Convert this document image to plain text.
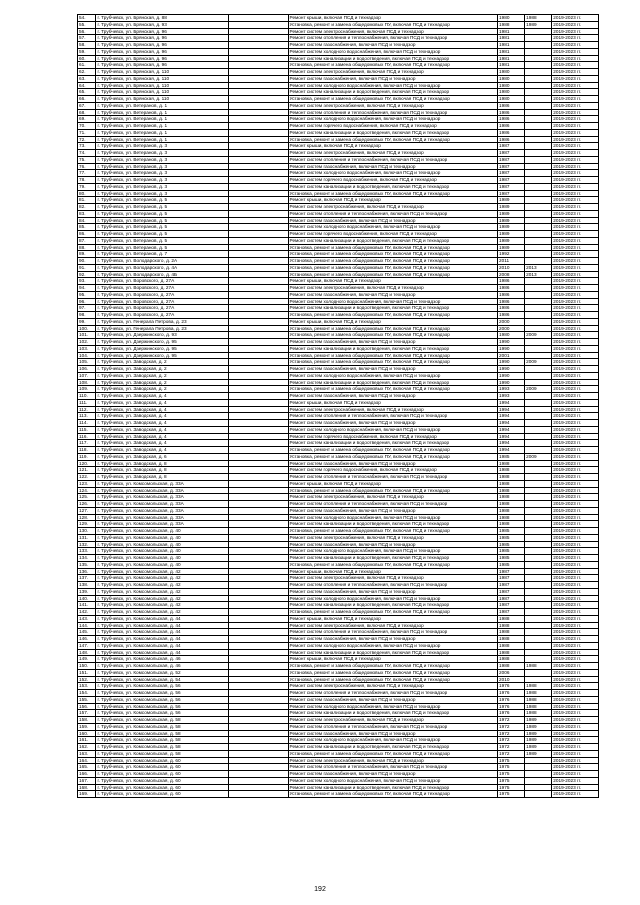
54.	г. Трубчевск, ул. Брянская, д. 88		Ремонт крыши, включая ПСД и технадзор	1980	1988	2019-2023 гг.
55.	г. Трубчевск, ул. Брянская, д. 93		Установка, ремонт и замена общедомовых ПУ, включая ПСД и технадзор	1988	1989	2019-2023 гг.
56.	г. Трубчевск, ул. Брянская, д. 96		Ремонт систем электроснабжения, включая ПСД и технадзор	1981		2019-2023 гг.
57.	г. Трубчевск, ул. Брянская, д. 96		Ремонт систем отопления и теплоснабжения, включая ПСД и технадзор	1981		2019-2023 гг.
58.	г. Трубчевск, ул. Брянская, д. 96		Ремонт систем газоснабжения, включая ПСД и технадзор	1981		2019-2023 гг.
59.	г. Трубчевск, ул. Брянская, д. 96		Ремонт систем холодного водоснабжения, включая ПСД и технадзор	1981		2019-2023 гг.
60.	г. Трубчевск, ул. Брянская, д. 96		Ремонт систем канализации и водоотведения, включая ПСД и технадзор	1981		2019-2023 гг.
61.	г. Трубчевск, ул. Брянская, д. 96		Установка, ремонт и замена общедомовых ПУ, включая ПСД и технадзор	1981		2019-2023 гг.
62.	г. Трубчевск, ул. Брянская, д. 110		Ремонт систем электроснабжения, включая ПСД и технадзор	1980		2019-2023 гг.
63.	г. Трубчевск, ул. Брянская, д. 110		Ремонт систем газоснабжения, включая ПСД и технадзор	1980		2019-2023 гг.
64.	г. Трубчевск, ул. Брянская, д. 110		Ремонт систем холодного водоснабжения, включая ПСД и технадзор	1980		2019-2023 гг.
65.	г. Трубчевск, ул. Брянская, д. 110		Ремонт систем канализации и водоотведения, включая ПСД и технадзор	1980		2019-2023 гг.
66.	г. Трубчевск, ул. Брянская, д. 110		Установка, ремонт и замена общедомовых ПУ, включая ПСД и технадзор	1980		2019-2023 гг.
67.	г. Трубчевск, ул. Ветеранов, д. 1		Ремонт систем электроснабжения, включая ПСД и технадзор	1986		2019-2023 гг.
68.	г. Трубчевск, ул. Ветеранов, д. 1		Ремонт систем отопления и теплоснабжения, включая ПСД и технадзор	1986		2019-2023 гг.
69.	г. Трубчевск, ул. Ветеранов, д. 1		Ремонт систем холодного водоснабжения, включая ПСД и технадзор	1986		2019-2023 гг.
70.	г. Трубчевск, ул. Ветеранов, д. 1		Ремонт систем горячего водоснабжения, включая ПСД и технадзор	1986		2019-2023 гг.
71.	г. Трубчевск, ул. Ветеранов, д. 1		Ремонт систем канализации и водоотведения, включая ПСД и технадзор	1986		2019-2023 гг.
72.	г. Трубчевск, ул. Ветеранов, д. 1		Установка, ремонт и замена общедомовых ПУ, включая ПСД и технадзор	1986		2019-2023 гг.
73.	г. Трубчевск, ул. Ветеранов, д. 3		Ремонт крыши, включая ПСД и технадзор	1987		2019-2023 гг.
74.	г. Трубчевск, ул. Ветеранов, д. 3		Ремонт систем электроснабжения, включая ПСД и технадзор	1987		2019-2023 гг.
75.	г. Трубчевск, ул. Ветеранов, д. 3		Ремонт систем отопления и теплоснабжения, включая ПСД и технадзор	1987		2019-2023 гг.
76.	г. Трубчевск, ул. Ветеранов, д. 3		Ремонт систем газоснабжения, включая ПСД и технадзор	1987		2019-2023 гг.
77.	г. Трубчевск, ул. Ветеранов, д. 3		Ремонт систем холодного водоснабжения, включая ПСД и технадзор	1987		2019-2023 гг.
78.	г. Трубчевск, ул. Ветеранов, д. 3		Ремонт систем горячего водоснабжения, включая ПСД и технадзор	1987		2019-2023 гг.
79.	г. Трубчевск, ул. Ветеранов, д. 3		Ремонт систем канализации и водоотведения, включая ПСД и технадзор	1987		2019-2023 гг.
80.	г. Трубчевск, ул. Ветеранов, д. 3		Установка, ремонт и замена общедомовых ПУ, включая ПСД и технадзор	1987		2019-2023 гг.
81.	г. Трубчевск, ул. Ветеранов, д. 5		Ремонт крыши, включая ПСД и технадзор	1989		2019-2023 гг.
82.	г. Трубчевск, ул. Ветеранов, д. 5		Ремонт систем электроснабжения, включая ПСД и технадзор	1989		2019-2023 гг.
83.	г. Трубчевск, ул. Ветеранов, д. 5		Ремонт систем отопления и теплоснабжения, включая ПСД и технадзор	1989		2019-2023 гг.
84.	г. Трубчевск, ул. Ветеранов, д. 5		Ремонт систем газоснабжения, включая ПСД и технадзор	1989		2019-2023 гг.
85.	г. Трубчевск, ул. Ветеранов, д. 5		Ремонт систем холодного водоснабжения, включая ПСД и технадзор	1989		2019-2023 гг.
86.	г. Трубчевск, ул. Ветеранов, д. 5		Ремонт систем горячего водоснабжения, включая ПСД и технадзор	1989		2019-2023 гг.
87.	г. Трубчевск, ул. Ветеранов, д. 5		Ремонт систем канализации и водоотведения, включая ПСД и технадзор	1989		2019-2023 гг.
88.	г. Трубчевск, ул. Ветеранов, д. 5		Установка, ремонт и замена общедомовых ПУ, включая ПСД и технадзор	1989		2019-2023 гг.
89.	г. Трубчевск, ул. Ветеранов, д. 7		Установка, ремонт и замена общедомовых ПУ, включая ПСД и технадзор	1992		2019-2023 гг.
90.	г. Трубчевск, ул. Володарского, д. 2А		Установка, ремонт и замена общедомовых ПУ, включая ПСД и технадзор	2011		2019-2023 гг.
91.	г. Трубчевск, ул. Володарского, д. 4А		Установка, ремонт и замена общедомовых ПУ, включая ПСД и технадзор	2010	2013	2019-2023 гг.
92.	г. Трубчевск, ул. Володарского, д. 4Б		Установка, ремонт и замена общедомовых ПУ, включая ПСД и технадзор	2008	2013	2019-2023 гг.
93.	г. Трубчевск, ул. Воровского, д. 27А		Ремонт крыши, включая ПСД и технадзор	1986		2019-2023 гг.
94.	г. Трубчевск, ул. Воровского, д. 27А		Ремонт систем электроснабжения, включая ПСД и технадзор	1986		2019-2023 гг.
95.	г. Трубчевск, ул. Воровского, д. 27А		Ремонт систем газоснабжения, включая ПСД и технадзор	1986		2019-2023 гг.
96.	г. Трубчевск, ул. Воровского, д. 27А		Ремонт систем холодного водоснабжения, включая ПСД и технадзор	1986		2019-2023 гг.
97.	г. Трубчевск, ул. Воровского, д. 27А		Ремонт систем канализации и водоотведения, включая ПСД и технадзор	1986		2019-2023 гг.
98.	г. Трубчевск, ул. Воровского, д. 27А		Установка, ремонт и замена общедомовых ПУ, включая ПСД и технадзор	1986		2019-2023 гг.
99.	г. Трубчевск, ул. Генерала Петрова, д. 23		Ремонт крыши, включая ПСД и технадзор	2000		2019-2023 гг.
100.	г. Трубчевск, ул. Генерала Петрова, д. 23		Установка, ремонт и замена общедомовых ПУ, включая ПСД и технадзор	2000		2019-2023 гг.
101.	г. Трубчевск, ул. Дзержинского, д. 93		Установка, ремонт и замена общедомовых ПУ, включая ПСД и технадзор	1980	2009	2019-2023 гг.
102.	г. Трубчевск, ул. Дзержинского, д. 95		Ремонт систем газоснабжения, включая ПСД и технадзор	1990		2019-2023 гг.
103.	г. Трубчевск, ул. Дзержинского, д. 95		Ремонт систем канализации и водоотведения, включая ПСД и технадзор	1990		2019-2023 гг.
104.	г. Трубчевск, ул. Дзержинского, д. 95		Установка, ремонт и замена общедомовых ПУ, включая ПСД и технадзор	2001		2019-2023 гг.
105.	г. Трубчевск, ул. Заводская, д. 2		Установка, ремонт и замена общедомовых ПУ, включая ПСД и технадзор	1990	2009	2019-2023 гг.
106.	г. Трубчевск, ул. Заводская, д. 2		Ремонт систем газоснабжения, включая ПСД и технадзор	1990		2019-2023 гг.
107.	г. Трубчевск, ул. Заводская, д. 2		Ремонт систем холодного водоснабжения, включая ПСД и технадзор	1990		2019-2023 гг.
108.	г. Трубчевск, ул. Заводская, д. 2		Ремонт систем канализации и водоотведения, включая ПСД и технадзор	1990		2019-2023 гг.
109.	г. Трубчевск, ул. Заводская, д. 2		Установка, ремонт и замена общедомовых ПУ, включая ПСД и технадзор	1993	2009	2019-2023 гг.
110.	г. Трубчевск, ул. Заводская, д. 4		Ремонт систем газоснабжения, включая ПСД и технадзор	1993		2019-2023 гг.
111.	г. Трубчевск, ул. Заводская, д. 4		Ремонт крыши, включая ПСД и технадзор	1994		2019-2023 гг.
112.	г. Трубчевск, ул. Заводская, д. 4		Ремонт систем электроснабжения, включая ПСД и технадзор	1994		2019-2023 гг.
113.	г. Трубчевск, ул. Заводская, д. 4		Ремонт систем отопления и теплоснабжения, включая ПСД и технадзор	1994		2019-2023 гг.
114.	г. Трубчевск, ул. Заводская, д. 4		Ремонт систем газоснабжения, включая ПСД и технадзор	1994		2019-2023 гг.
115.	г. Трубчевск, ул. Заводская, д. 4		Ремонт систем холодного водоснабжения, включая ПСД и технадзор	1994		2019-2023 гг.
116.	г. Трубчевск, ул. Заводская, д. 4		Ремонт систем горячего водоснабжения, включая ПСД и технадзор	1994		2019-2023 гг.
117.	г. Трубчевск, ул. Заводская, д. 4		Ремонт систем канализации и водоотведения, включая ПСД и технадзор	1994		2019-2023 гг.
118.	г. Трубчевск, ул. Заводская, д. 4		Установка, ремонт и замена общедомовых ПУ, включая ПСД и технадзор	1994		2019-2023 гг.
119.	г. Трубчевск, ул. Заводская, д. 6		Установка, ремонт и замена общедомовых ПУ, включая ПСД и технадзор	1985	2009	2019-2023 гг.
120.	г. Трубчевск, ул. Заводская, д. 8		Ремонт систем газоснабжения, включая ПСД и технадзор	1988		2019-2023 гг.
121.	г. Трубчевск, ул. Заводская, д. 8		Ремонт систем горячего водоснабжения, включая ПСД и технадзор	1988		2019-2023 гг.
122.	г. Трубчевск, ул. Заводская, д. 8		Ремонт систем отопления и теплоснабжения, включая ПСД и технадзор	1988		2019-2023 гг.
123.	г. Трубчевск, ул. Комсомольская, д. 33А		Ремонт крыши, включая ПСД и технадзор	1988		2019-2023 гг.
124.	г. Трубчевск, ул. Комсомольская, д. 33А		Установка, ремонт и замена общедомовых ПУ, включая ПСД и технадзор	1988		2019-2023 гг.
125.	г. Трубчевск, ул. Комсомольская, д. 33А		Ремонт систем электроснабжения, включая ПСД и технадзор	1988		2019-2023 гг.
126.	г. Трубчевск, ул. Комсомольская, д. 33А		Ремонт систем отопления и теплоснабжения, включая ПСД и технадзор	1988		2019-2023 гг.
127.	г. Трубчевск, ул. Комсомольская, д. 33А		Ремонт систем газоснабжения, включая ПСД и технадзор	1988		2019-2023 гг.
128.	г. Трубчевск, ул. Комсомольская, д. 33А		Ремонт систем холодного водоснабжения, включая ПСД и технадзор	1988		2019-2023 гг.
129.	г. Трубчевск, ул. Комсомольская, д. 33А		Ремонт систем канализации и водоотведения, включая ПСД и технадзор	1988		2019-2023 гг.
130.	г. Трубчевск, ул. Комсомольская, д. 40		Установка, ремонт и замена общедомовых ПУ, включая ПСД и технадзор	1985		2019-2023 гг.
131.	г. Трубчевск, ул. Комсомольская, д. 40		Ремонт систем электроснабжения, включая ПСД и технадзор	1985		2019-2023 гг.
132.	г. Трубчевск, ул. Комсомольская, д. 40		Ремонт систем газоснабжения, включая ПСД и технадзор	1985		2019-2023 гг.
133.	г. Трубчевск, ул. Комсомольская, д. 40		Ремонт систем холодного водоснабжения, включая ПСД и технадзор	1985		2019-2023 гг.
134.	г. Трубчевск, ул. Комсомольская, д. 40		Ремонт систем канализации и водоотведения, включая ПСД и технадзор	1985		2019-2023 гг.
135.	г. Трубчевск, ул. Комсомольская, д. 40		Установка, ремонт и замена общедомовых ПУ, включая ПСД и технадзор	1985		2019-2023 гг.
136.	г. Трубчевск, ул. Комсомольская, д. 42		Ремонт крыши, включая ПСД и технадзор	1987		2019-2023 гг.
137.	г. Трубчевск, ул. Комсомольская, д. 42		Ремонт систем электроснабжения, включая ПСД и технадзор	1987		2019-2023 гг.
138.	г. Трубчевск, ул. Комсомольская, д. 42		Ремонт систем отопления и теплоснабжения, включая ПСД и технадзор	1987		2019-2023 гг.
139.	г. Трубчевск, ул. Комсомольская, д. 42		Ремонт систем газоснабжения, включая ПСД и технадзор	1987		2019-2023 гг.
140.	г. Трубчевск, ул. Комсомольская, д. 42		Ремонт систем холодного водоснабжения, включая ПСД и технадзор	1987		2019-2023 гг.
141.	г. Трубчевск, ул. Комсомольская, д. 42		Ремонт систем канализации и водоотведения, включая ПСД и технадзор	1987		2019-2023 гг.
142.	г. Трубчевск, ул. Комсомольская, д. 42		Установка, ремонт и замена общедомовых ПУ, включая ПСД и технадзор	1987		2019-2023 гг.
143.	г. Трубчевск, ул. Комсомольская, д. 44		Ремонт крыши, включая ПСД и технадзор	1988		2019-2023 гг.
144.	г. Трубчевск, ул. Комсомольская, д. 44		Ремонт систем электроснабжения, включая ПСД и технадзор	1988		2019-2023 гг.
145.	г. Трубчевск, ул. Комсомольская, д. 44		Ремонт систем отопления и теплоснабжения, включая ПСД и технадзор	1988		2019-2023 гг.
146.	г. Трубчевск, ул. Комсомольская, д. 44		Ремонт систем газоснабжения, включая ПСД и технадзор	1988		2019-2023 гг.
147.	г. Трубчевск, ул. Комсомольская, д. 44		Ремонт систем холодного водоснабжения, включая ПСД и технадзор	1988		2019-2023 гг.
148.	г. Трубчевск, ул. Комсомольская, д. 44		Ремонт систем канализации и водоотведения, включая ПСД и технадзор	1988		2019-2023 гг.
149.	г. Трубчевск, ул. Комсомольская, д. 46		Ремонт крыши, включая ПСД и технадзор	1988		2019-2023 гг.
150.	г. Трубчевск, ул. Комсомольская, д. 46		Установка, ремонт и замена общедомовых ПУ, включая ПСД и технадзор	1988	1988	2019-2023 гг.
151.	г. Трубчевск, ул. Комсомольская, д. 52		Установка, ремонт и замена общедомовых ПУ, включая ПСД и технадзор	2006		2019-2023 гг.
152.	г. Трубчевск, ул. Комсомольская, д. 54		Установка, ремонт и замена общедомовых ПУ, включая ПСД и технадзор	2010		2019-2023 гг.
153.	г. Трубчевск, ул. Комсомольская, д. 56		Ремонт систем электроснабжения, включая ПСД и технадзор	1976	1988	2019-2023 гг.
154.	г. Трубчевск, ул. Комсомольская, д. 56		Ремонт систем отопления и теплоснабжения, включая ПСД и технадзор	1976	1988	2019-2023 гг.
155.	г. Трубчевск, ул. Комсомольская, д. 56		Ремонт систем газоснабжения, включая ПСД и технадзор	1976	1988	2019-2023 гг.
156.	г. Трубчевск, ул. Комсомольская, д. 56		Ремонт систем холодного водоснабжения, включая ПСД и технадзор	1976	1988	2019-2023 гг.
157.	г. Трубчевск, ул. Комсомольская, д. 56		Ремонт систем канализации и водоотведения, включая ПСД и технадзор	1976	1988	2019-2023 гг.
158.	г. Трубчевск, ул. Комсомольская, д. 58		Ремонт систем электроснабжения, включая ПСД и технадзор	1972	1989	2019-2023 гг.
159.	г. Трубчевск, ул. Комсомольская, д. 58		Ремонт систем отопления и теплоснабжения, включая ПСД и технадзор	1972	1989	2019-2023 гг.
160.	г. Трубчевск, ул. Комсомольская, д. 58		Ремонт систем газоснабжения, включая ПСД и технадзор	1972	1989	2019-2023 гг.
161.	г. Трубчевск, ул. Комсомольская, д. 58		Ремонт систем холодного водоснабжения, включая ПСД и технадзор	1972	1989	2019-2023 гг.
162.	г. Трубчевск, ул. Комсомольская, д. 58		Ремонт систем канализации и водоотведения, включая ПСД и технадзор	1972	1989	2019-2023 гг.
163.	г. Трубчевск, ул. Комсомольская, д. 58		Установка, ремонт и замена общедомовых ПУ, включая ПСД и технадзор	1972	1989	2019-2023 гг.
164.	г. Трубчевск, ул. Комсомольская, д. 60		Ремонт систем электроснабжения, включая ПСД и технадзор	1975		2019-2023 гг.
165.	г. Трубчевск, ул. Комсомольская, д. 60		Ремонт систем отопления и теплоснабжения, включая ПСД и технадзор	1975		2019-2023 гг.
166.	г. Трубчевск, ул. Комсомольская, д. 60		Ремонт систем газоснабжения, включая ПСД и технадзор	1975		2019-2023 гг.
167.	г. Трубчевск, ул. Комсомольская, д. 60		Ремонт систем холодного водоснабжения, включая ПСД и технадзор	1975		2019-2023 гг.
168.	г. Трубчевск, ул. Комсомольская, д. 60		Ремонт систем канализации и водоотведения, включая ПСД и технадзор	1975		2019-2023 гг.
169.	г. Трубчевск, ул. Комсомольская, д. 60		Установка, ремонт и замена общедомовых ПУ, включая ПСД и технадзор	1975		2019-2023 гг.
192
